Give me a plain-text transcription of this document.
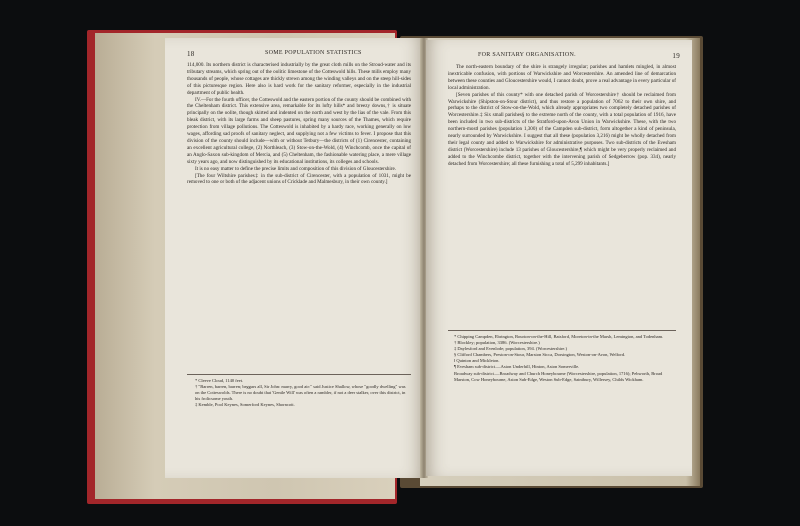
18	SOME POPULATION STATISTICS

114,000. Its northern district is characterised industrially by the great cloth mills on the Stroud-water and its tributary streams, which spring out of the oolitic limestone of the Cotteswold hills. These mills employ many thousands of people, whose cottages are thickly strewn among the winding valleys and on the steep hill-sides of this picturesque region. Here also is hard work for the sanitary reformer, especially in the industrial department of public health.

IV.—For the fourth officer, the Cotteswold and the eastern portion of the county should be combined with the Cheltenham district. This extensive area, remarkable for its lofty hills* and breezy downs,† is situate principally on the oolite, though skirted and indented on the north and west by the lias of the vale. From this bleak district, with its large farms and sheep pastures, spring many sources of the Thames, which require protection from village pollutions. The Cotteswold is inhabited by a hardy race, working generally on low wages, affording sad proofs of sanitary neglect, and supplying not a few victims to fever. I propose that this division of the county should include—with or without Tetbury—the districts of (1) Cirencester, containing an excellent agricultural college, (2) Northleach, (3) Stow-on-the-Wold, (4) Winchcomb, once the capital of an Anglo-Saxon sub-kingdom of Mercia, and (5) Cheltenham, the fashionable watering place, a mere village sixty years ago, and now distinguished by its educational institutions, its colleges and schools.

It is no easy matter to define the precise limits and composition of this division of Gloucestershire.

[The four Wiltshire parishes‡ in the sub-district of Cirencester, with a population of 1031, might be removed to one or both of the adjacent unions of Cricklade and Malmesbury, in their own county.]

* Cleeve Cloud, 1140 feet.
† "Barren, barren, barren; beggars all, Sir John: marry, good air:" said Justice Shallow, whose "goodly dwelling" was on the Cotteswolds. There is no doubt that 'Gentle Will' was often a rambler, if not a deer stalker, over this district, in his frolicsome youth.
‡ Kemble, Pool Keynes, Somerford Keynes, Shorncott.
FOR SANITARY ORGANISATION.	19

The north-eastern boundary of the shire is strangely irregular; parishes and hamlets mingled, in almost inextricable confusion, with portions of Warwickshire and Worcestershire. An amended line of demarcation between these counties and Gloucestershire would, I cannot doubt, prove a real advantage in every particular of local administration.

[Seven parishes of this county* with one detached parish of Worcestershire† should be reclaimed from Warwickshire (Shipston-on-Stour district), and thus restore a population of 7062 to their own shire, and perhaps to the district of Stow-on-the-Wold, which already appropriates two completely detached parishes of Worcestershire.‡ Six small parishes§ to the extreme north of the county, with a total population of 1916, have been included in two sub-districts of the Stratford-upon-Avon Union in Warwickshire. These, with the two northern-most‖ parishes (population 1,300) of the Campden sub-district, form altogether a kind of peninsula, nearly surrounded by Warwickshire. I suggest that all these (population 3,216) might be wholly detached from their legal county and added to Warwickshire for administrative purposes. Two sub-districts of the Evesham district (Worcestershire) include 13 parishes of Gloucestershire,¶ which might be very properly reclaimed and added to the Winchcombe district, together with the intervening parish of Sedgeberrow (pop. 334), nearly detached from Worcestershire; all these furnishing a total of 5,299 inhabitants.]

* Chipping Campden, Ebrington, Bourton-on-the-Hill, Batsford, Moreton-in-the Marsh, Lemington, and Todenham.
† Blockley; population, 3386. (Worcestershire.)
‡ Daylesford and Evenlode; population, 394. (Worcestershire.)
§ Clifford Chambers, Preston-on-Stour, Marston Sicca, Dorsington, Weston-on-Avon, Welford.
‖ Quinton and Mickleton.
¶ Evesham sub-district.—Aston Underhill, Hinton, Aston Somerville.
Broadway sub-district.—Broadway and Church Honeybourne (Worcestershire, population, 1716); Pebworth, Broad Marston, Cow Honeybourne, Aston Sub-Edge, Weston Sub-Edge, Saintbury, Willersey, Childs Wickham.
